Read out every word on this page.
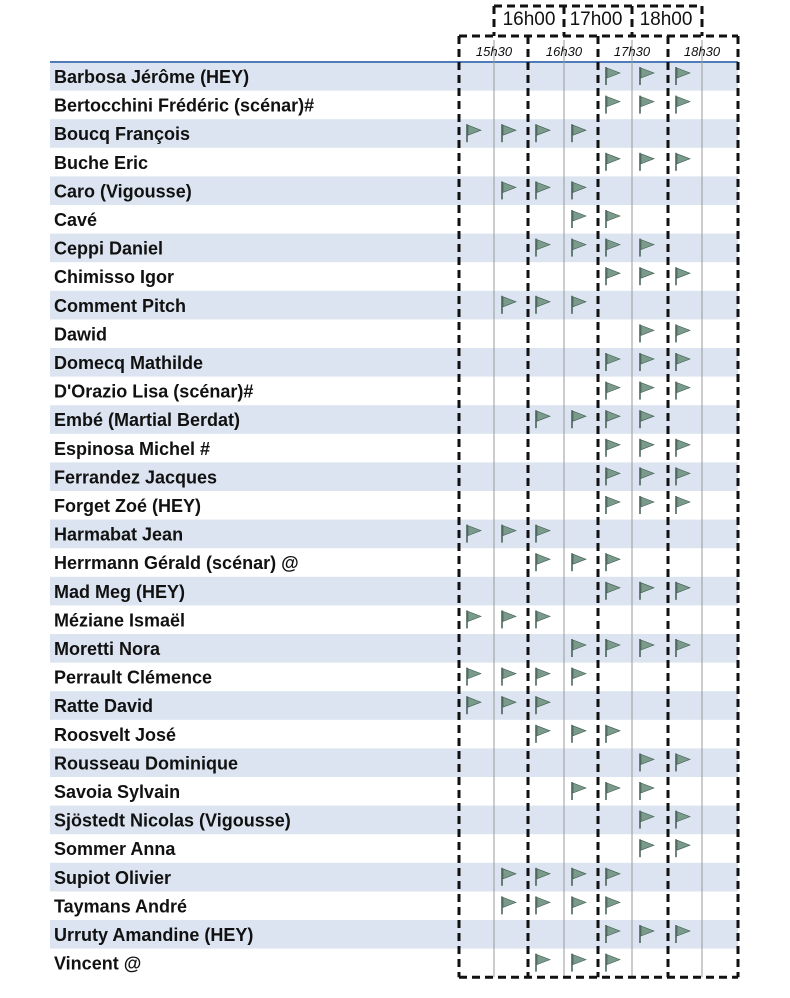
16h00 17h00 18h00
15h30	16h30 17h30	18h30
Barbosa Jérôme (HEY)
Bertocchini Frédéric (scénar)#
Boucq François
Buche Eric
Caro (Vigousse)
Cavé
Ceppi Daniel
Chimisso Igor
Comment Pitch
Dawid
Domecq Mathilde
D'Orazio Lisa (scénar)#
Embé (Martial Berdat)
Espinosa Michel #
Ferrandez Jacques
Forget Zoé (HEY)
Harmabat Jean
Herrmann Gérald (scénar) @
Mad Meg (HEY)
Méziane Ismaël
Moretti Nora
Perrault Clémence
Ratte David
Roosvelt José
Rousseau Dominique
Savoia Sylvain
Sjöstedt Nicolas (Vigousse)
Sommer Anna
Supiot Olivier
Taymans André
Urruty Amandine (HEY)
Vincent @
